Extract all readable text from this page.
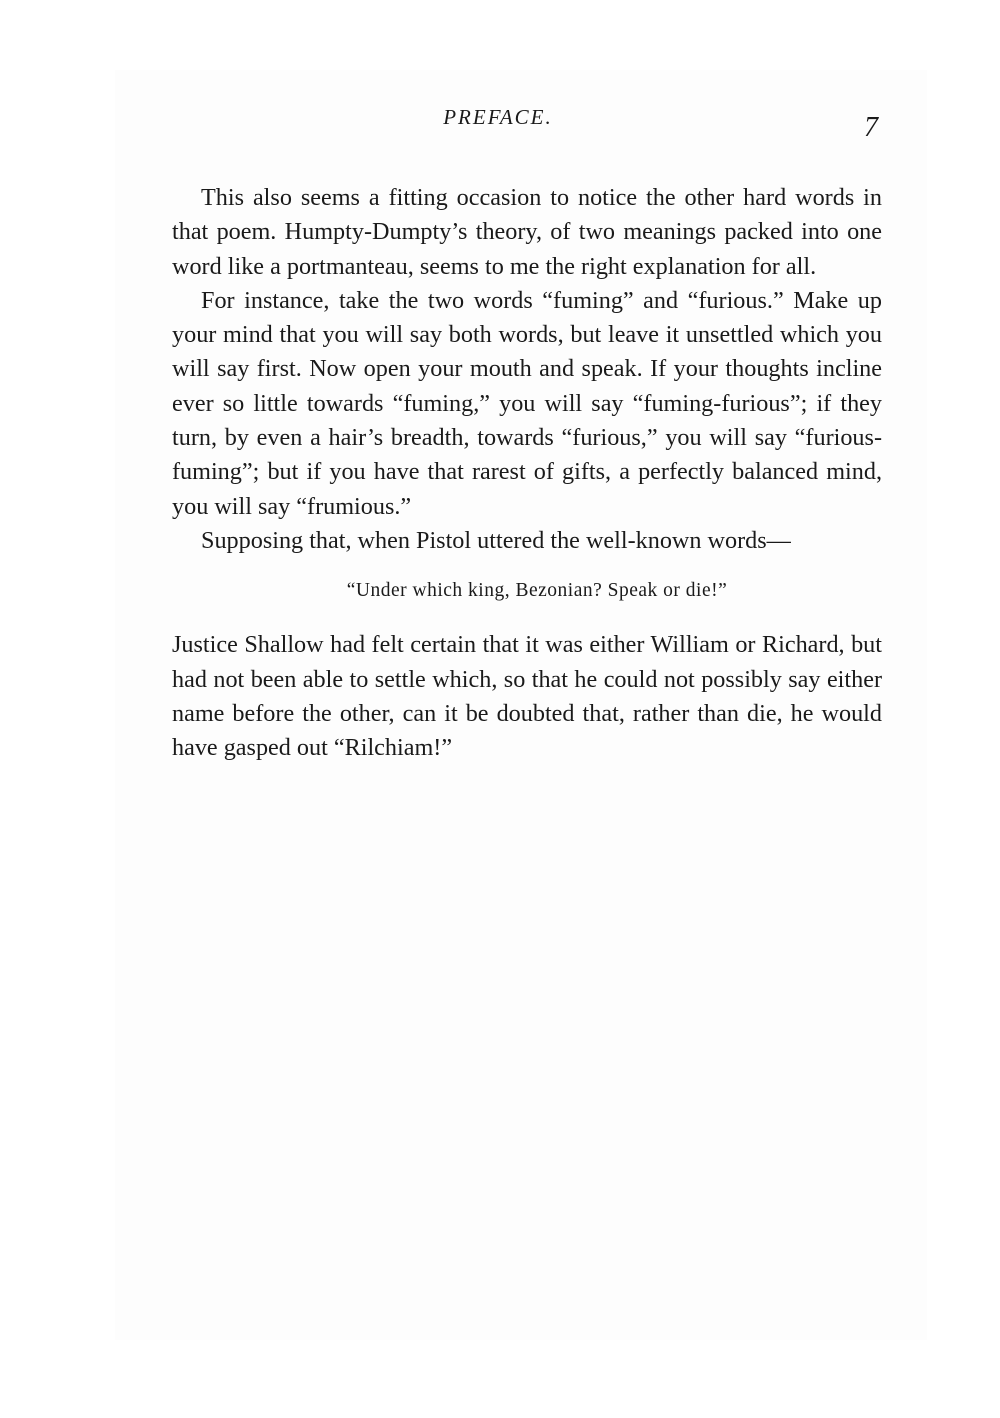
PREFACE.	7

This also seems a fitting occasion to notice the other hard words in that poem. Humpty-Dumpty’s theory, of two meanings packed into one word like a portmanteau, seems to me the right explanation for all.

For instance, take the two words “fuming” and “furious.” Make up your mind that you will say both words, but leave it unsettled which you will say first. Now open your mouth and speak. If your thoughts incline ever so little towards “fuming,” you will say “fuming-furious”; if they turn, by even a hair’s breadth, towards “furious,” you will say “furious-fuming”; but if you have that rarest of gifts, a perfectly balanced mind, you will say “frumious.”

Supposing that, when Pistol uttered the well-known words—

“Under which king, Bezonian? Speak or die!”

Justice Shallow had felt certain that it was either William or Richard, but had not been able to settle which, so that he could not possibly say either name before the other, can it be doubted that, rather than die, he would have gasped out “Rilchiam!”
